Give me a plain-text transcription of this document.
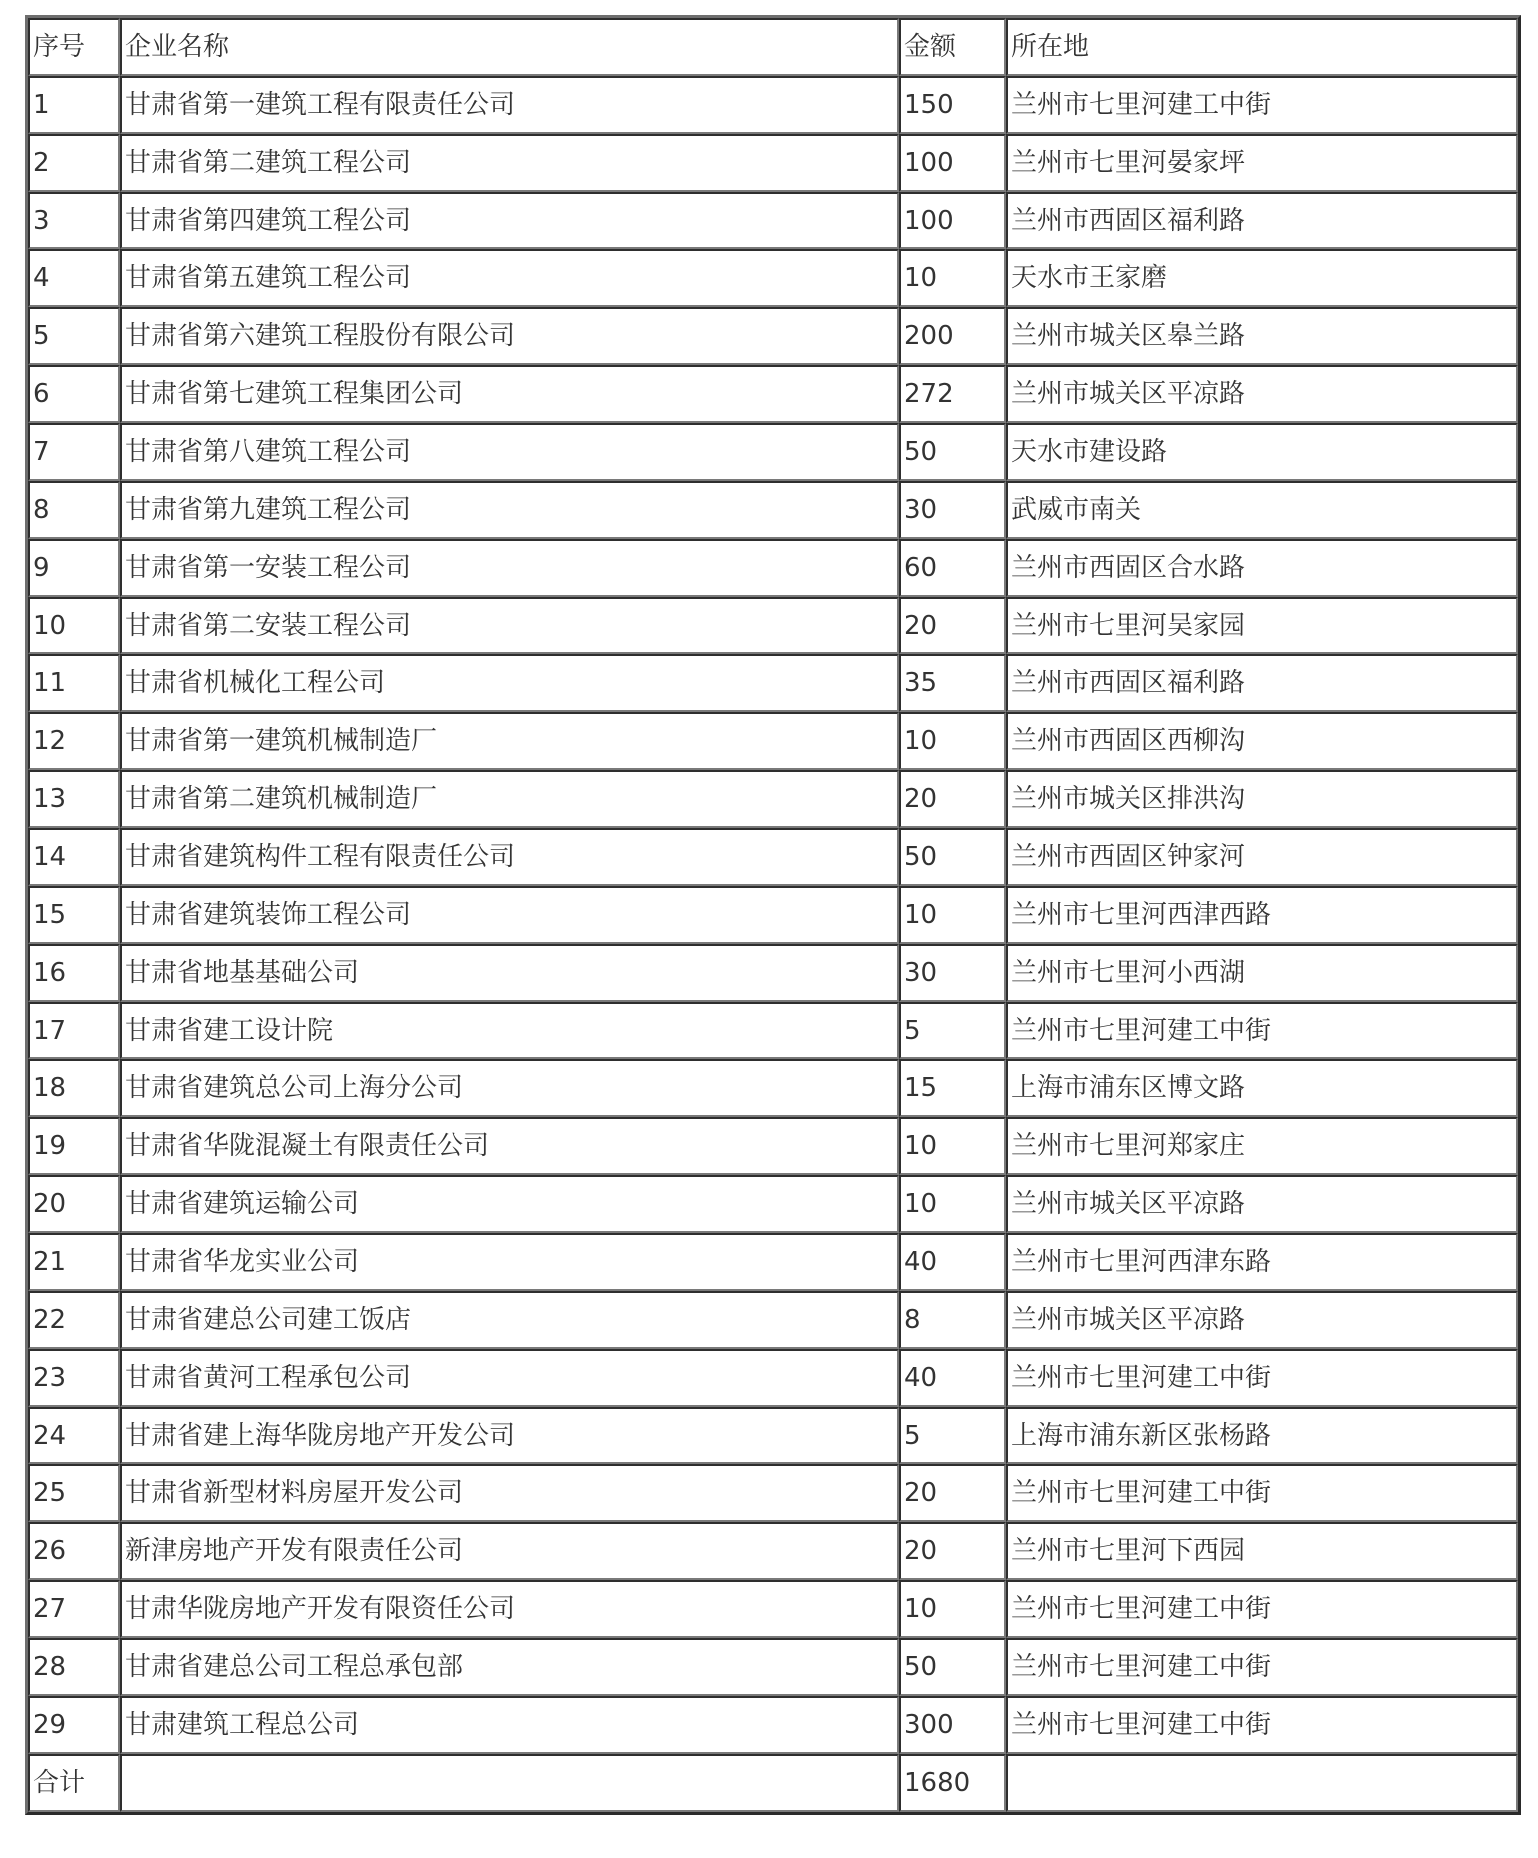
序号	企业名称	金额	所在地
1	甘肃省第一建筑工程有限责任公司	150	兰州市七里河建工中街
2	甘肃省第二建筑工程公司	100	兰州市七里河晏家坪
3	甘肃省第四建筑工程公司	100	兰州市西固区福利路
4	甘肃省第五建筑工程公司	10	天水市王家磨
5	甘肃省第六建筑工程股份有限公司	200	兰州市城关区皋兰路
6	甘肃省第七建筑工程集团公司	272	兰州市城关区平凉路
7	甘肃省第八建筑工程公司	50	天水市建设路
8	甘肃省第九建筑工程公司	30	武威市南关
9	甘肃省第一安装工程公司	60	兰州市西固区合水路
10	甘肃省第二安装工程公司	20	兰州市七里河吴家园
11	甘肃省机械化工程公司	35	兰州市西固区福利路
12	甘肃省第一建筑机械制造厂	10	兰州市西固区西柳沟
13	甘肃省第二建筑机械制造厂	20	兰州市城关区排洪沟
14	甘肃省建筑构件工程有限责任公司	50	兰州市西固区钟家河
15	甘肃省建筑装饰工程公司	10	兰州市七里河西津西路
16	甘肃省地基基础公司	30	兰州市七里河小西湖
17	甘肃省建工设计院	5	兰州市七里河建工中街
18	甘肃省建筑总公司上海分公司	15	上海市浦东区博文路
19	甘肃省华陇混凝土有限责任公司	10	兰州市七里河郑家庄
20	甘肃省建筑运输公司	10	兰州市城关区平凉路
21	甘肃省华龙实业公司	40	兰州市七里河西津东路
22	甘肃省建总公司建工饭店	8	兰州市城关区平凉路
23	甘肃省黄河工程承包公司	40	兰州市七里河建工中街
24	甘肃省建上海华陇房地产开发公司	5	上海市浦东新区张杨路
25	甘肃省新型材料房屋开发公司	20	兰州市七里河建工中街
26	新津房地产开发有限责任公司	20	兰州市七里河下西园
27	甘肃华陇房地产开发有限资任公司	10	兰州市七里河建工中街
28	甘肃省建总公司工程总承包部	50	兰州市七里河建工中街
29	甘肃建筑工程总公司	300	兰州市七里河建工中街
合计		1680	
